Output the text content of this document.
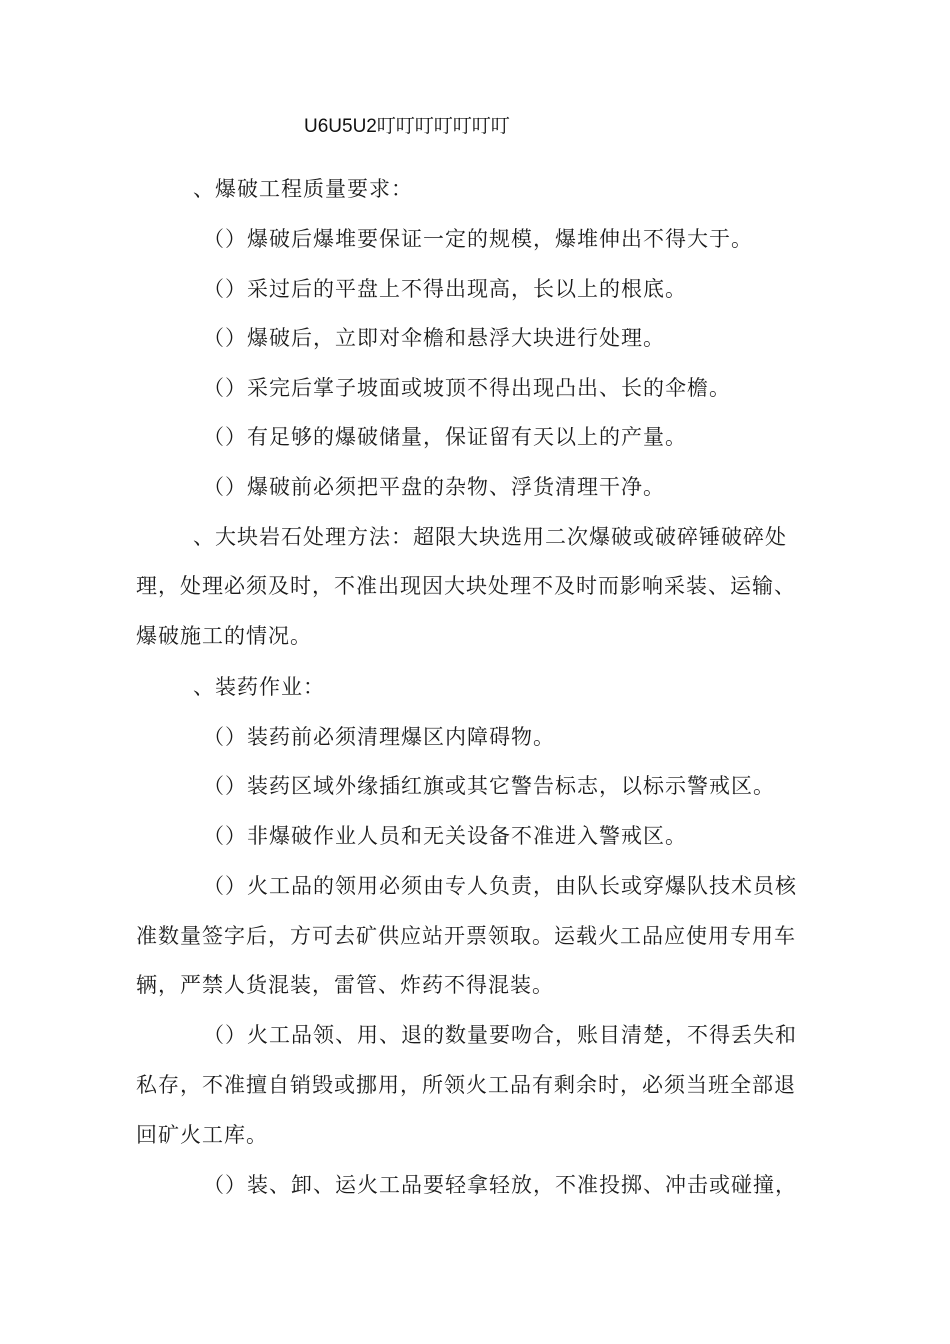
U6U5U2叮叮叮叮叮叮叮
、爆破工程质量要求：
（）爆破后爆堆要保证一定的规模，爆堆伸出不得大于。
（）采过后的平盘上不得出现高，长以上的根底。
（）爆破后，立即对伞檐和悬浮大块进行处理。
（）采完后掌子坡面或坡顶不得出现凸出、长的伞檐。
（）有足够的爆破储量，保证留有天以上的产量。
（）爆破前必须把平盘的杂物、浮货清理干净。
、大块岩石处理方法：超限大块选用二次爆破或破碎锤破碎处
理，处理必须及时，不准出现因大块处理不及时而影响采装、运输、
爆破施工的情况。
、装药作业：
（）装药前必须清理爆区内障碍物。
（）装药区域外缘插红旗或其它警告标志，以标示警戒区。
（）非爆破作业人员和无关设备不准进入警戒区。
（）火工品的领用必须由专人负责，由队长或穿爆队技术员核
准数量签字后，方可去矿供应站开票领取。运载火工品应使用专用车
辆，严禁人货混装，雷管、炸药不得混装。
（）火工品领、用、退的数量要吻合，账目清楚，不得丢失和
私存，不准擅自销毁或挪用，所领火工品有剩余时，必须当班全部退
回矿火工库。
（）装、卸、运火工品要轻拿轻放，不准投掷、冲击或碰撞，
